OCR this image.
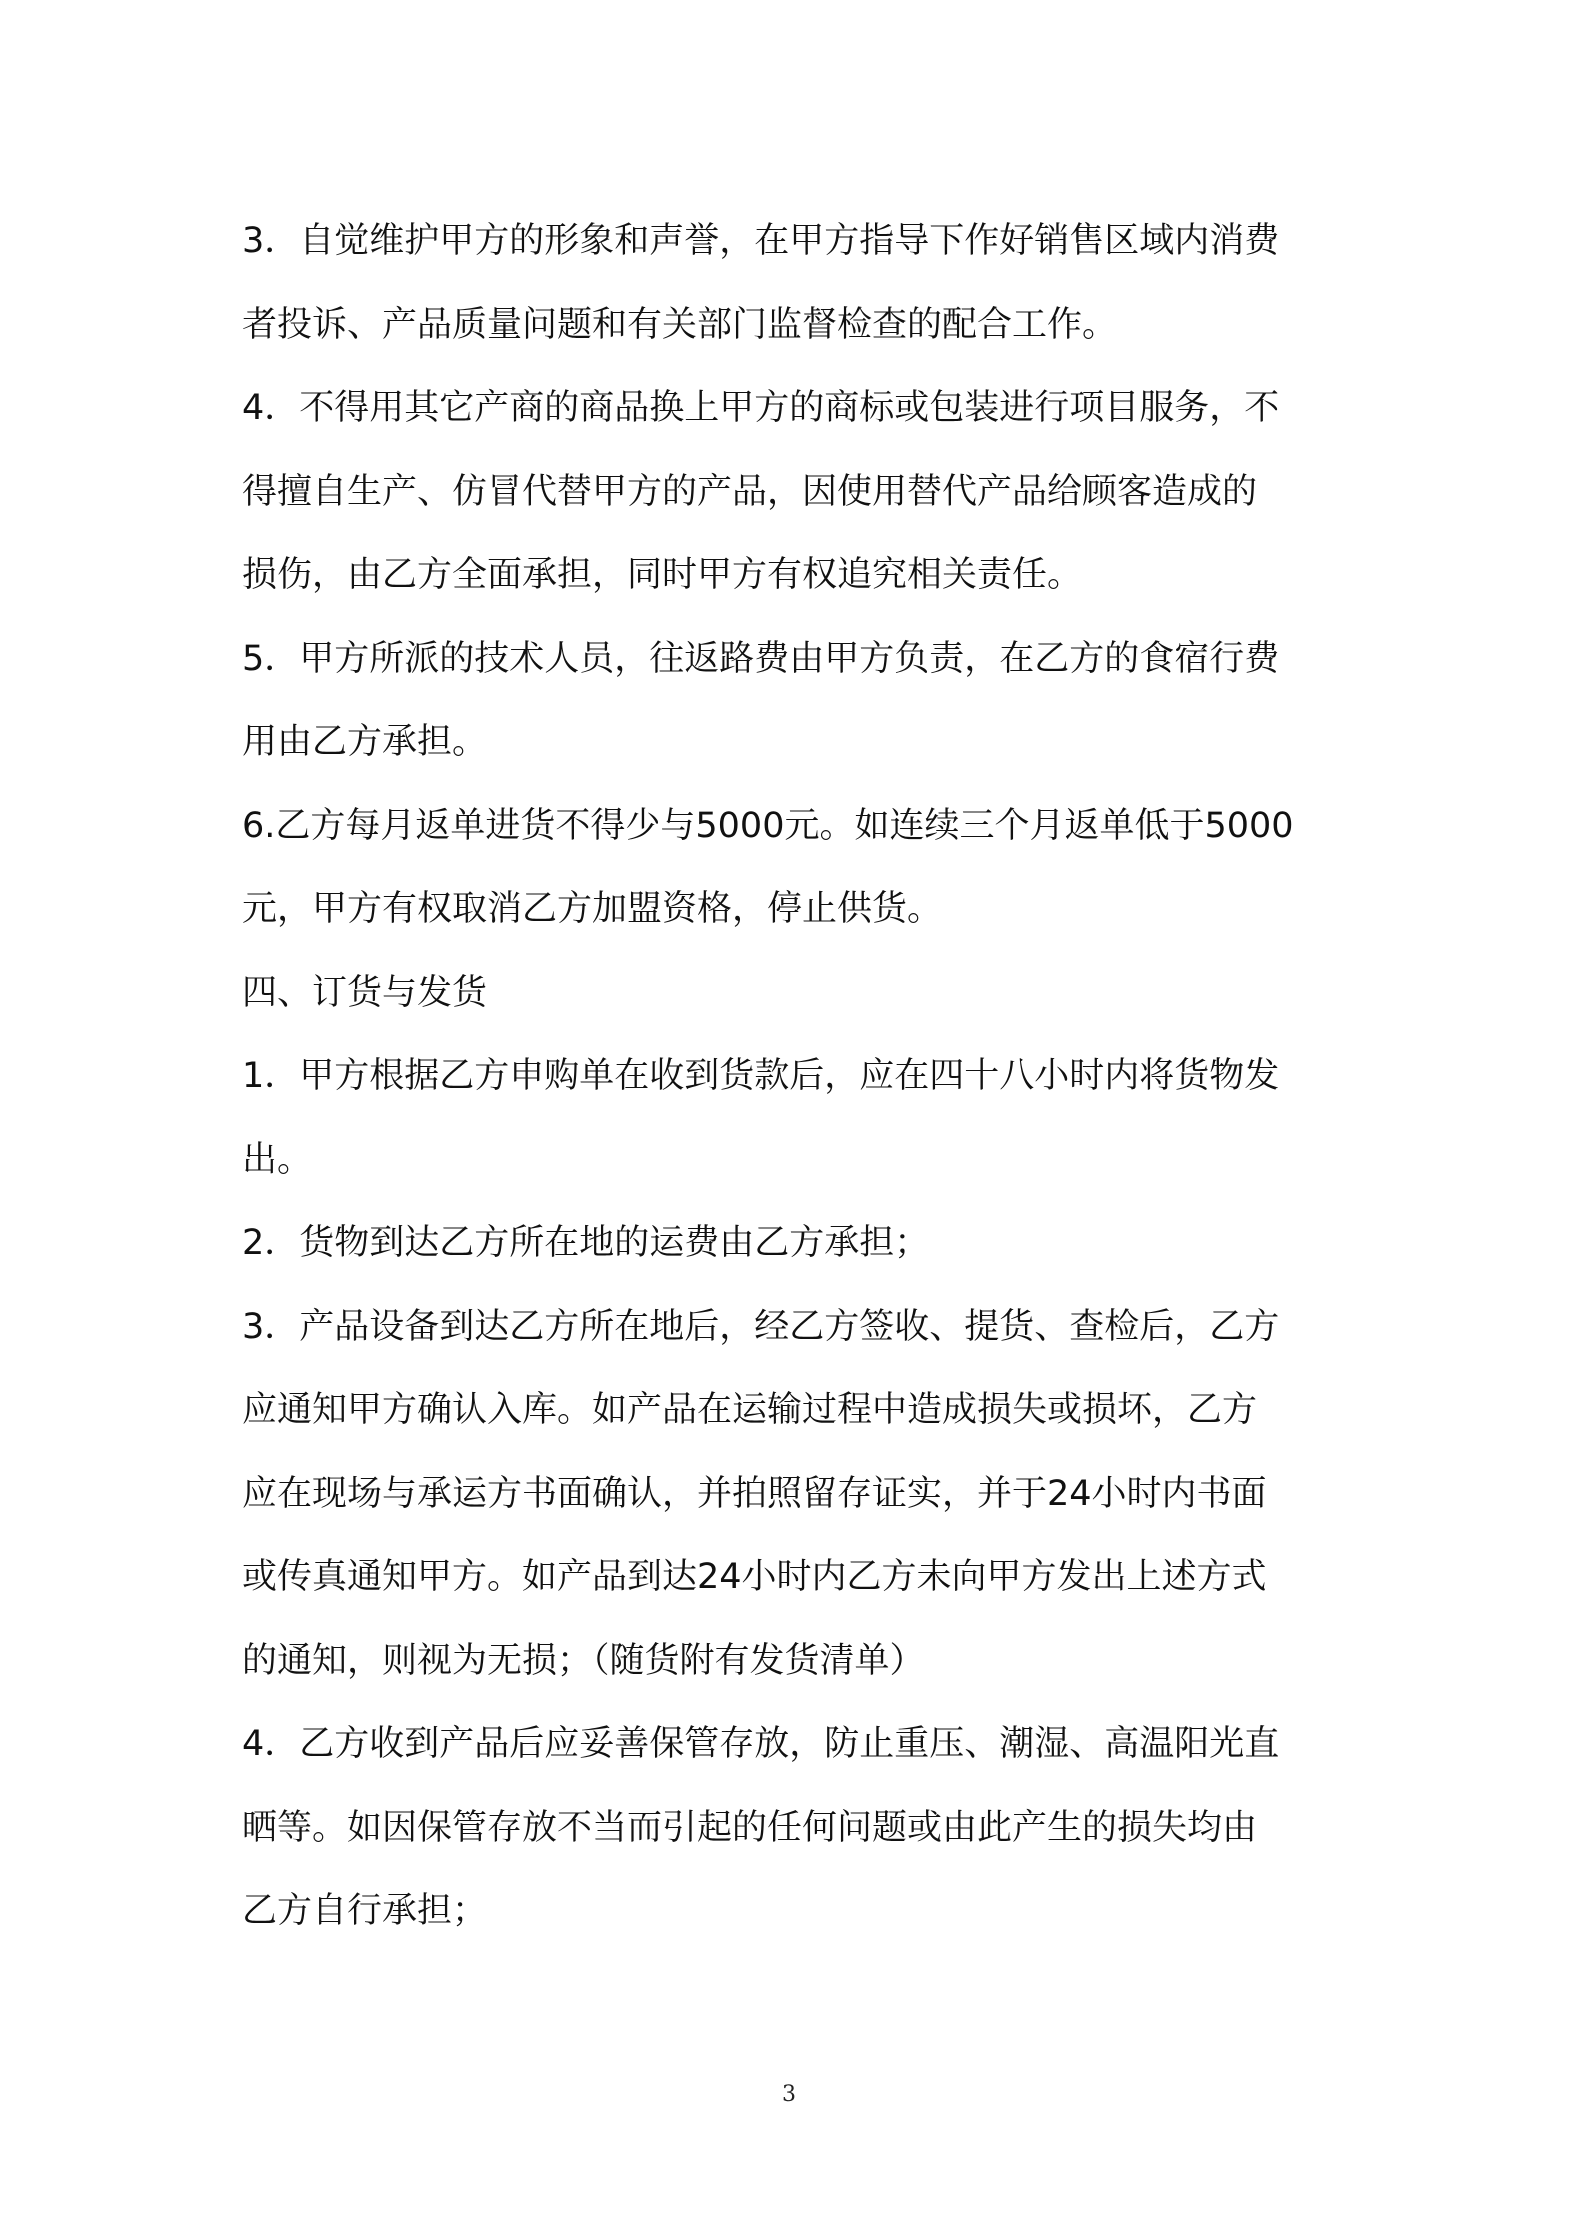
3．自觉维护甲方的形象和声誉，在甲方指导下作好销售区域内消费
者投诉、产品质量问题和有关部门监督检查的配合工作。
4．不得用其它产商的商品换上甲方的商标或包装进行项目服务，不
得擅自生产、仿冒代替甲方的产品，因使用替代产品给顾客造成的
损伤，由乙方全面承担，同时甲方有权追究相关责任。
5．甲方所派的技术人员，往返路费由甲方负责，在乙方的食宿行费
用由乙方承担。
6.乙方每月返单进货不得少与5000元。如连续三个月返单低于5000
元，甲方有权取消乙方加盟资格，停止供货。
四、订货与发货
1．甲方根据乙方申购单在收到货款后，应在四十八小时内将货物发
出。
2．货物到达乙方所在地的运费由乙方承担；
3．产品设备到达乙方所在地后，经乙方签收、提货、查检后，乙方
应通知甲方确认入库。如产品在运输过程中造成损失或损坏，乙方
应在现场与承运方书面确认，并拍照留存证实，并于24小时内书面
或传真通知甲方。如产品到达24小时内乙方未向甲方发出上述方式
的通知，则视为无损；（随货附有发货清单）
4．乙方收到产品后应妥善保管存放，防止重压、潮湿、高温阳光直
晒等。如因保管存放不当而引起的任何问题或由此产生的损失均由
乙方自行承担；
3
